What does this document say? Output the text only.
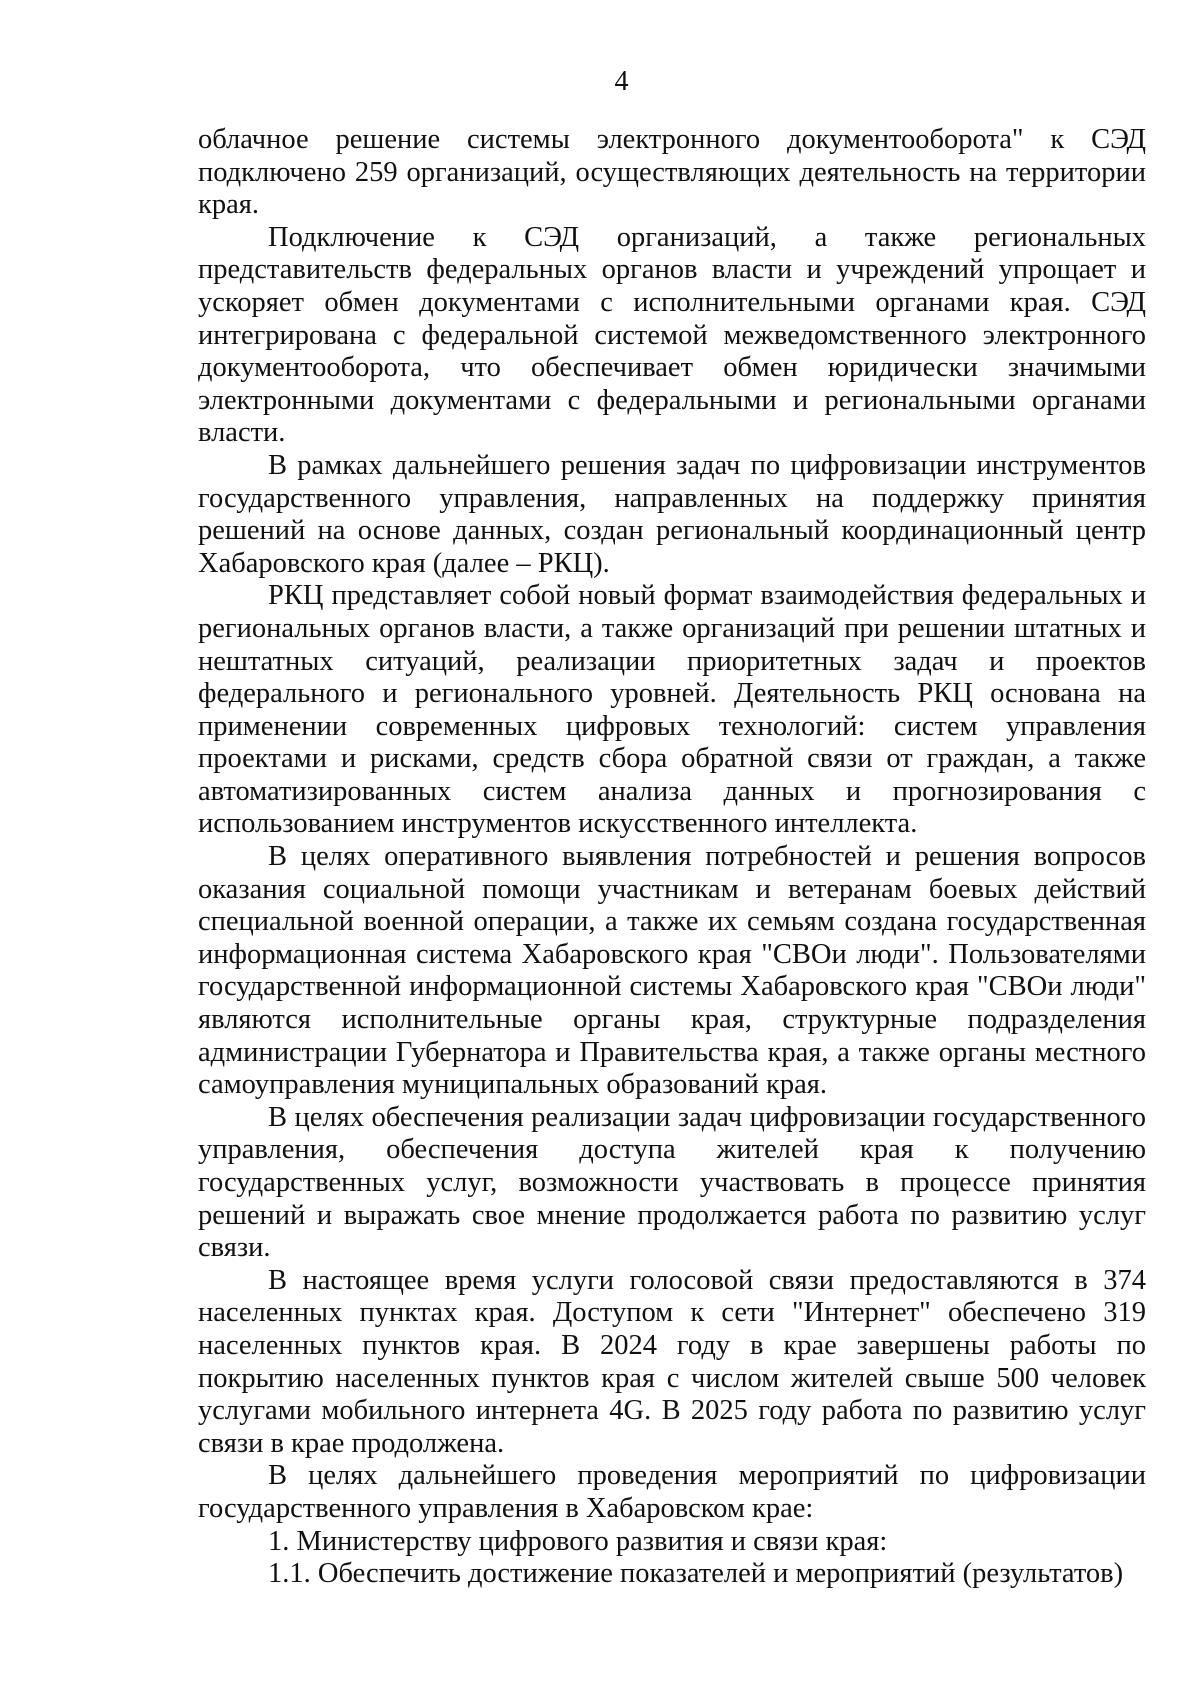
4

облачное решение системы электронного документооборота" к СЭД подключено 259 организаций, осуществляющих деятельность на территории края.

Подключение к СЭД организаций, а также региональных представительств федеральных органов власти и учреждений упрощает и ускоряет обмен документами с исполнительными органами края. СЭД интегрирована с федеральной системой межведомственного электронного документооборота, что обеспечивает обмен юридически значимыми электронными документами с федеральными и региональными органами власти.

В рамках дальнейшего решения задач по цифровизации инструментов государственного управления, направленных на поддержку принятия решений на основе данных, создан региональный координационный центр Хабаровского края (далее – РКЦ).

РКЦ представляет собой новый формат взаимодействия федеральных и региональных органов власти, а также организаций при решении штатных и нештатных ситуаций, реализации приоритетных задач и проектов федерального и регионального уровней. Деятельность РКЦ основана на применении современных цифровых технологий: систем управления проектами и рисками, средств сбора обратной связи от граждан, а также автоматизированных систем анализа данных и прогнозирования с использованием инструментов искусственного интеллекта.

В целях оперативного выявления потребностей и решения вопросов оказания социальной помощи участникам и ветеранам боевых действий специальной военной операции, а также их семьям создана государственная информационная система Хабаровского края "СВОи люди". Пользователями государственной информационной системы Хабаровского края "СВОи люди" являются исполнительные органы края, структурные подразделения администрации Губернатора и Правительства края, а также органы местного самоуправления муниципальных образований края.

В целях обеспечения реализации задач цифровизации государственного управления, обеспечения доступа жителей края к получению государственных услуг, возможности участвовать в процессе принятия решений и выражать свое мнение продолжается работа по развитию услуг связи.

В настоящее время услуги голосовой связи предоставляются в 374 населенных пунктах края. Доступом к сети "Интернет" обеспечено 319 населенных пунктов края. В 2024 году в крае завершены работы по покрытию населенных пунктов края с числом жителей свыше 500 человек услугами мобильного интернета 4G. В 2025 году работа по развитию услуг связи в крае продолжена.

В целях дальнейшего проведения мероприятий по цифровизации государственного управления в Хабаровском крае:

1. Министерству цифрового развития и связи края:

1.1. Обеспечить достижение показателей и мероприятий (результатов)
